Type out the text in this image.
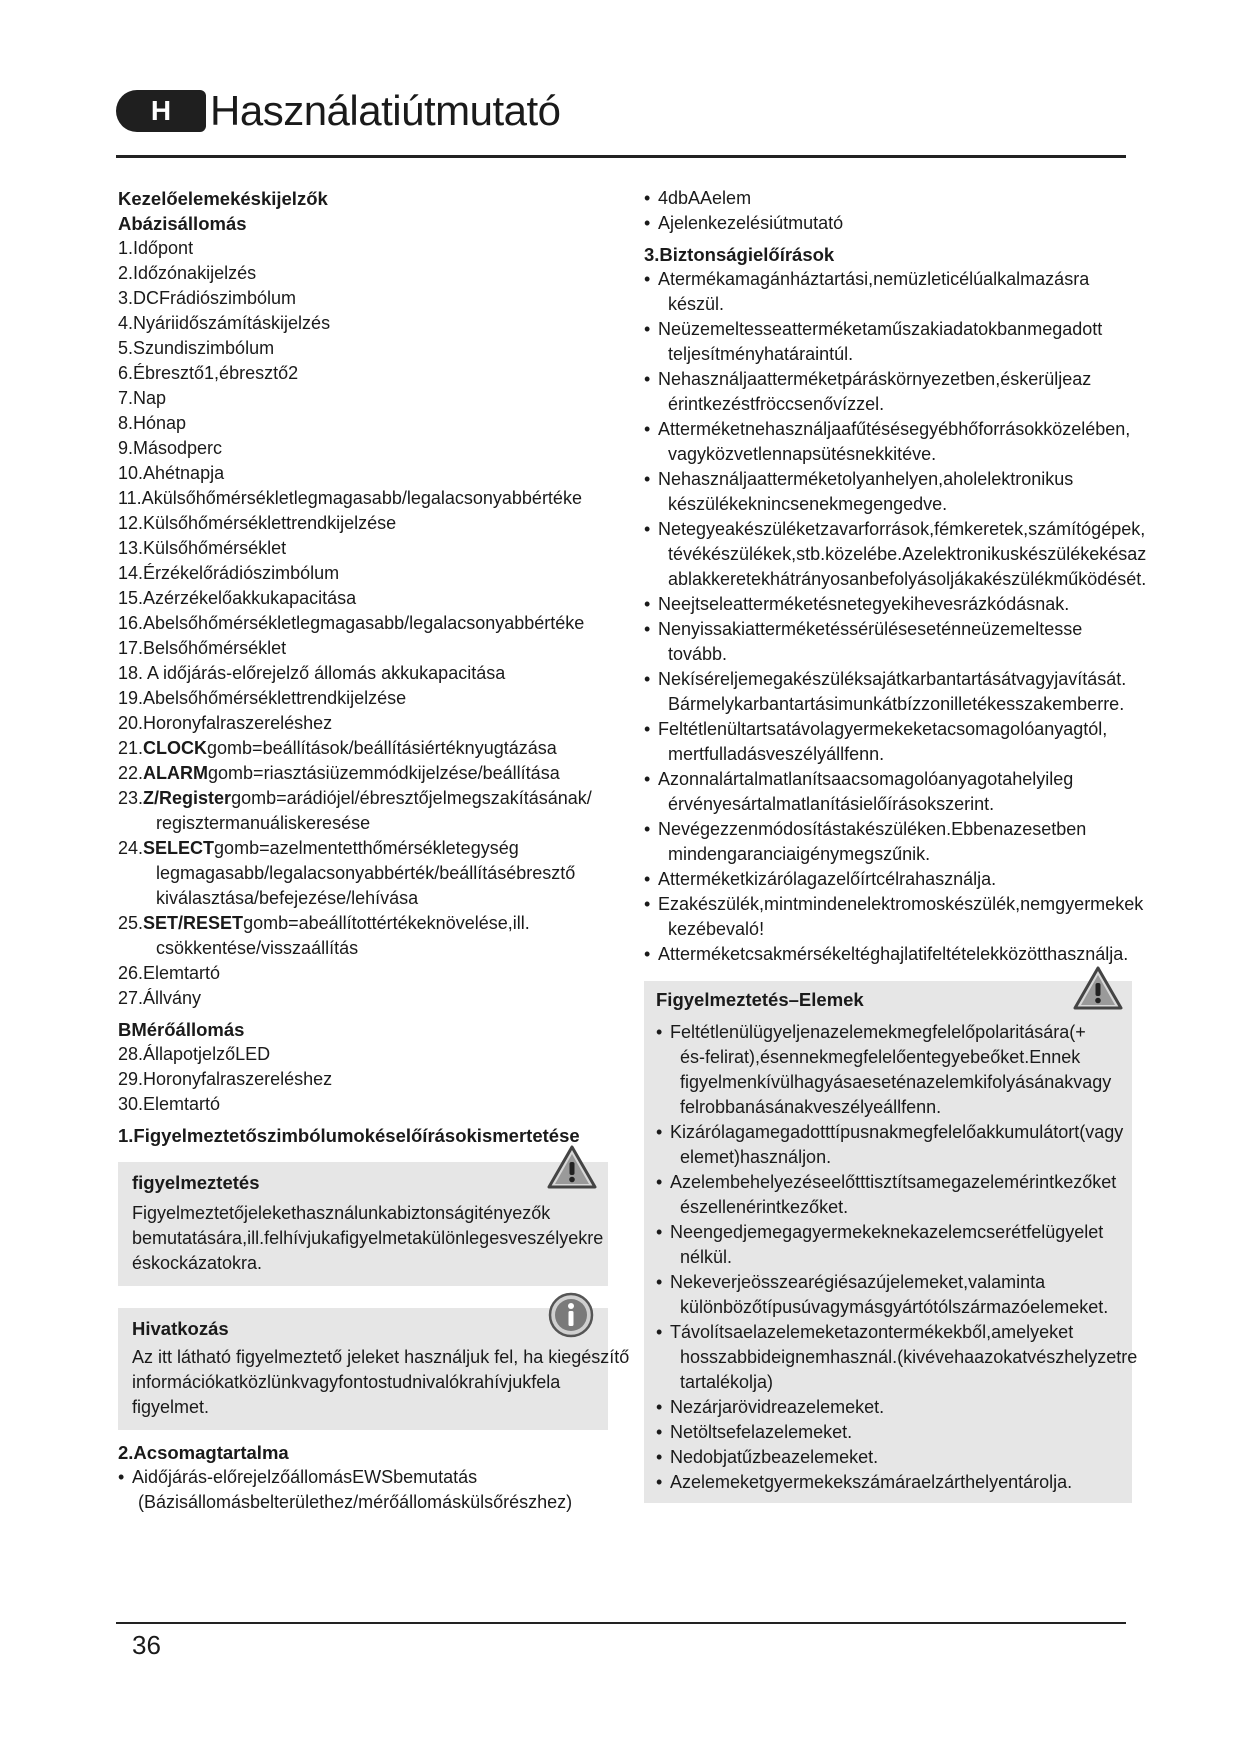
H Használatiútmutató
Kezelőelemekéskijelzők
Abázisállomás
1.Időpont
2.Időzónakijelzés
3.DCFrádiószimbólum
4.Nyáriidőszámításkijelzés
5.Szundiszimbólum
6.Ébresztő1,ébresztő2
7.Nap
8.Hónap
9.Másodperc
10.Ahétnapja
11.Akülsőhőmérsékletlegmagasabb/legalacsonyabbértéke
12.Külsőhőmérséklettrendkijelzése
13.Külsőhőmérséklet
14.Érzékelőrádiószimbólum
15.Azérzékelőakkukapacitása
16.Abelsőhőmérsékletlegmagasabb/legalacsonyabbértéke
17.Belsőhőmérséklet
18. A időjárás-előrejelző állomás akkukapacitása
19.Abelsőhőmérséklettrendkijelzése
20.Horonyfalraszereléshez
21.CLOCKgomb=beállítások/beállításiértéknyugtázása
22.ALARMgomb=riasztásiüzemmódkijelzése/beállítása
23.Z/Registergomb=arádiójel/ébresztőjelmegszakításának/
regisztermanuáliskeresése
24.SELECTgomb=azelmentetthőmérsékletegység
legmagasabb/legalacsonyabbérték/beállításébresztő
kiválasztása/befejezése/lehívása
25.SET/RESETgomb=abeállítottértékeknövelése,ill.
csökkentése/visszaállítás
26.Elemtartó
27.Állvány
BMérőállomás
28.ÁllapotjelzőLED
29.Horonyfalraszereléshez
30.Elemtartó
1.Figyelmeztetőszimbólumokéselőírásokismertetése
figyelmeztetés
Figyelmeztetőjelekethasználunkabiztonságitényezők
bemutatására,ill.felhívjukafigyelmetakülönlegesveszélyekre
éskockázatokra.
Hivatkozás
Az itt látható figyelmeztető jeleket használjuk fel, ha kiegészítő
információkatközlünkvagyfontostudnivalókrahívjukfela
figyelmet.
2.Acsomagtartalma
• Aidőjárás-előrejelzőállomásEWSbemutatás
(Bázisállomásbelterülethez/mérőállomáskülsőrészhez)
• 4dbAAelem
• Ajelenkezelésiútmutató
3.Biztonságielőírások
• Atermékamagánháztartási,nemüzleticélúalkalmazásra
készül.
• Neüzemeltesseatterméketaműszakiadatokbanmegadott
teljesítményhatáraintúl.
• Nehasználjaatterméketpáráskörnyezetben,éskerüljeaz
érintkezéstfröccsenővízzel.
• Atterméketnehasználjaafűtésésegyébhőforrásokközelében,
vagyközvetlennapsütésnekkitéve.
• Nehasználjaatterméketolyanhelyen,aholelektronikus
készülékeknincsenekmegengedve.
• Netegyeakészüléketzavarforrások,fémkeretek,számítógépek,
tévékészülékek,stb.közelébe.Azelektronikuskészülékekésaz
ablakkeretekhátrányosanbefolyásoljákakészülékműködését.
• Neejtseleatterméketésnetegyekihevesrázkódásnak.
• Nenyissakiatterméketéssérüléseseténneüzemeltesse
tovább.
• Nekísérelјemegakészüléksajátkarbantartásátvagyjavítását.
Bármelykarbantartásimunkátbízzonilletékesszakemberre.
• Feltétlenültartsatávolagyermekeketacsomagolóanyagtól,
mertfulladásveszélyállfenn.
• Azonnalártalmatlanítsaacsomagolóanyagotahelyileg
érvényesártalmatlanításielőírásokszerint.
• Nevégezzenmódosítástakészüléken.Ebbenazesetben
mindengaranciaigénymegszűnik.
• Atterméketkizárólagazelőírtcélrahasználja.
• Ezakészülék,mintmindenelektromoskészülék,nemgyermekek
kezébevaló!
• Atterméketcsakmérsékeltéghajlatifeltételekközötthasználja.
Figyelmeztetés–Elemek
• Feltétlenülügyeljenazelemekmegfelelőpolaritására(+
és-felirat),ésennekmegfelelőentegyebeőket.Ennek
figyelmenkívülhagyásaesetén​azelemkifolyásánakvagy
felrobbanásánakveszélyeállfenn.
• Kizárólagamegadotttípusnakmegfelelőakkumulátort(vagy
elemet)használjon.
• Azelembehelyezéseelőtttisztítsamegazelemérintkezőket
észellenérintkezőket.
• Neengedjemegagyermekeknekazelemcserétfelügyelet
nélkül.
• Nekeverjeösszearégiésazújelemeket,valaminta
különbözőtípusúvagymásgyártótólszármazóelemeket.
• Távolítsaelazelemeketazontermékekből,amelyeket
hosszabbideignemhasznál.(kivéveha​azokatvészhelyzetre
tartalékolja)
• Nezárjarövidreazelemeket.
• Netöltsefelazelemeket.
• Nedobjatűzbeazelemeket.
• Azelemeketgyermekekszámáraelzárthelyentárolja.
36
